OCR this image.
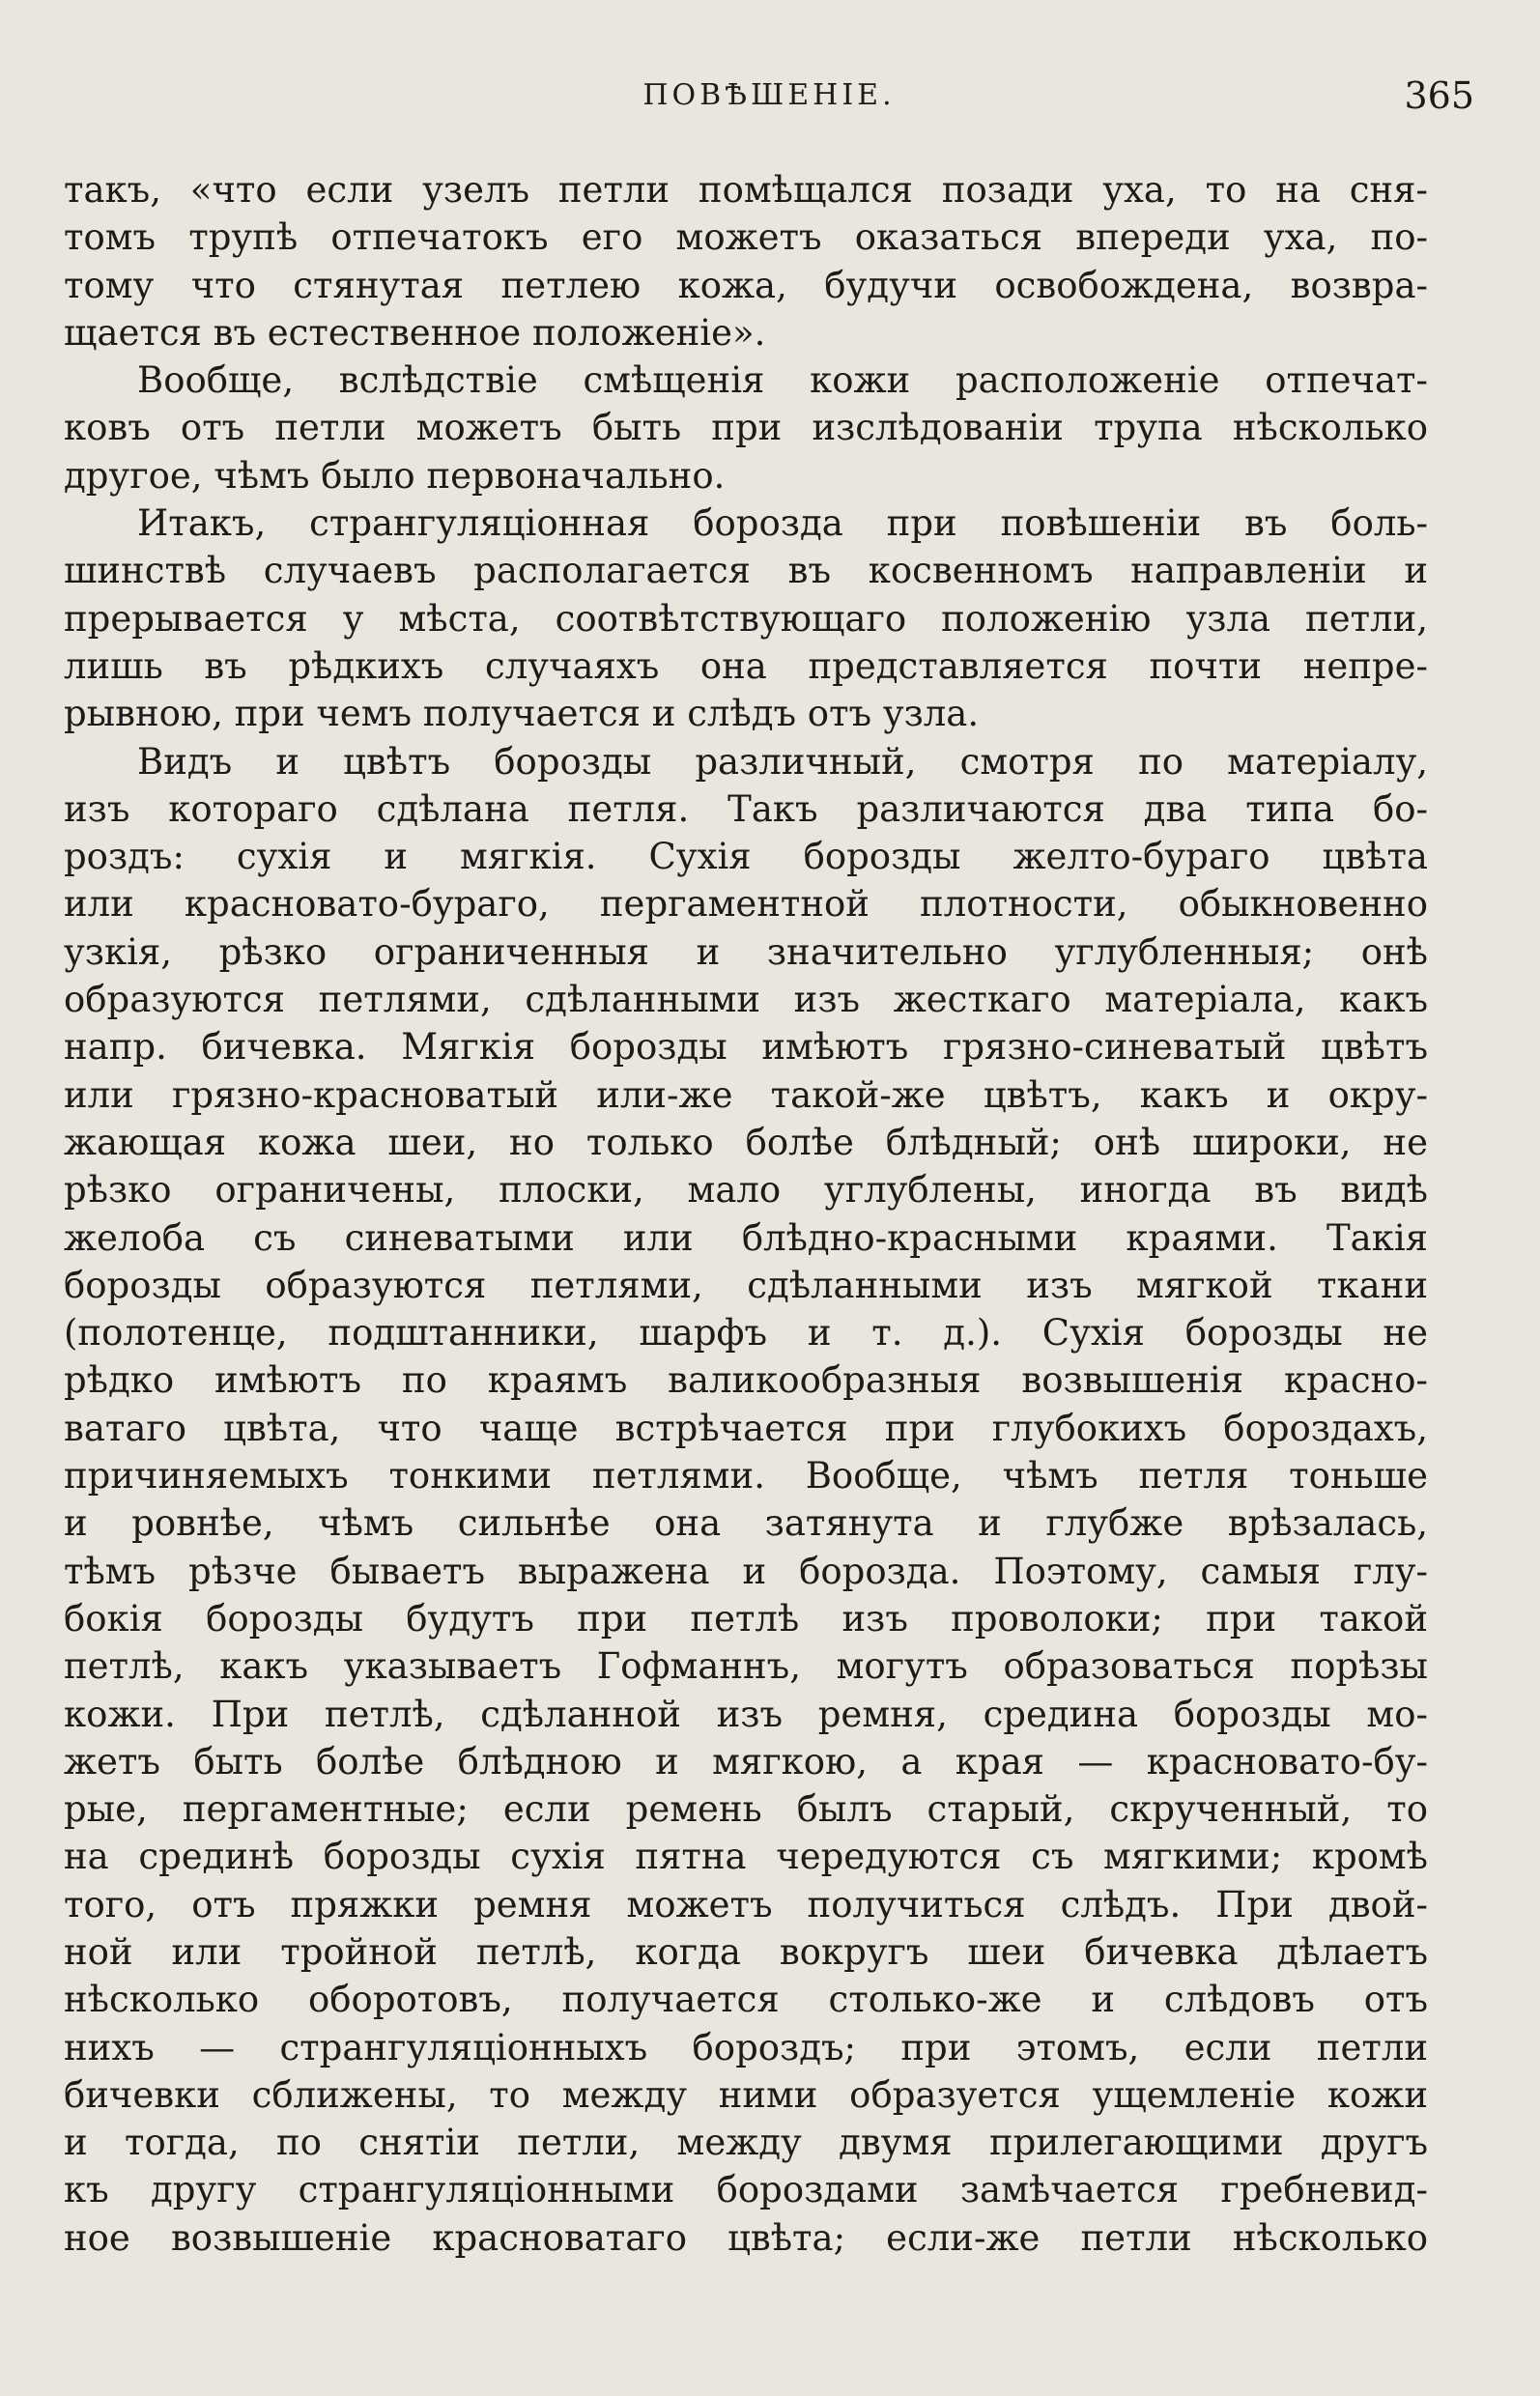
ПОВѢШЕНІЕ.	365
такъ, «что если узелъ петли помѣщался позади уха, то на сня-
томъ трупѣ отпечатокъ его можетъ оказаться впереди уха, по-
тому что стянутая петлею кожа, будучи освобождена, возвра-
щается въ естественное положеніе».
Вообще, вслѣдствіе смѣщенія кожи расположеніе отпечат-
ковъ отъ петли можетъ быть при изслѣдованіи трупа нѣсколько
другое, чѣмъ было первоначально.
Итакъ, странгуляціонная борозда при повѣшеніи въ боль-
шинствѣ случаевъ располагается въ косвенномъ направленіи и
прерывается у мѣста, соотвѣтствующаго положенію узла петли,
лишь въ рѣдкихъ случаяхъ она представляется почти непре-
рывною, при чемъ получается и слѣдъ отъ узла.
Видъ и цвѣтъ борозды различный, смотря по матеріалу,
изъ котораго сдѣлана петля. Такъ различаются два типа бо-
роздъ: сухія и мягкія. Сухія борозды желто-бураго цвѣта
или красновато-бураго, пергаментной плотности, обыкновенно
узкія, рѣзко ограниченныя и значительно углубленныя; онѣ
образуются петлями, сдѣланными изъ жесткаго матеріала, какъ
напр. бичевка. Мягкія борозды имѣютъ грязно-синеватый цвѣтъ
или грязно-красноватый или-же такой-же цвѣтъ, какъ и окру-
жающая кожа шеи, но только болѣе блѣдный; онѣ широки, не
рѣзко ограничены, плоски, мало углублены, иногда въ видѣ
желоба съ синеватыми или блѣдно-красными краями. Такія
борозды образуются петлями, сдѣланными изъ мягкой ткани
(полотенце, подштанники, шарфъ и т. д.). Сухія борозды не
рѣдко имѣютъ по краямъ валикообразныя возвышенія красно-
ватаго цвѣта, что чаще встрѣчается при глубокихъ бороздахъ,
причиняемыхъ тонкими петлями. Вообще, чѣмъ петля тоньше
и ровнѣе, чѣмъ сильнѣе она затянута и глубже врѣзалась,
тѣмъ рѣзче бываетъ выражена и борозда. Поэтому, самыя глу-
бокія борозды будутъ при петлѣ изъ проволоки; при такой
петлѣ, какъ указываетъ Гофманнъ, могутъ образоваться порѣзы
кожи. При петлѣ, сдѣланной изъ ремня, средина борозды мо-
жетъ быть болѣе блѣдною и мягкою, а края — красновато-бу-
рые, пергаментные; если ремень былъ старый, скрученный, то
на срединѣ борозды сухія пятна чередуются съ мягкими; кромѣ
того, отъ пряжки ремня можетъ получиться слѣдъ. При двой-
ной или тройной петлѣ, когда вокругъ шеи бичевка дѣлаетъ
нѣсколько оборотовъ, получается столько-же и слѣдовъ отъ
нихъ — странгуляціонныхъ бороздъ; при этомъ, если петли
бичевки сближены, то между ними образуется ущемленіе кожи
и тогда, по снятіи петли, между двумя прилегающими другъ
къ другу странгуляціонными бороздами замѣчается гребневид-
ное возвышеніе красноватаго цвѣта; если-же петли нѣсколько
